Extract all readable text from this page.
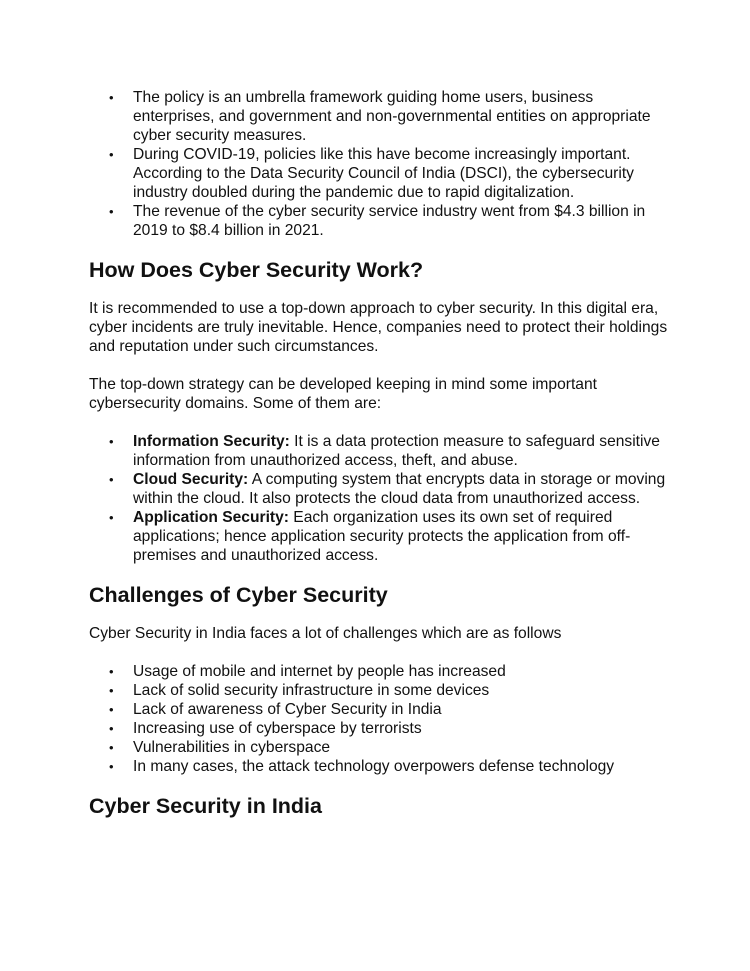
• The policy is an umbrella framework guiding home users, business enterprises, and government and non-governmental entities on appropriate cyber security measures.
• During COVID-19, policies like this have become increasingly important. According to the Data Security Council of India (DSCI), the cybersecurity industry doubled during the pandemic due to rapid digitalization.
• The revenue of the cyber security service industry went from $4.3 billion in 2019 to $8.4 billion in 2021.
How Does Cyber Security Work?

It is recommended to use a top-down approach to cyber security. In this digital era, cyber incidents are truly inevitable. Hence, companies need to protect their holdings and reputation under such circumstances.

The top-down strategy can be developed keeping in mind some important cybersecurity domains. Some of them are:

• Information Security: It is a data protection measure to safeguard sensitive information from unauthorized access, theft, and abuse.
• Cloud Security: A computing system that encrypts data in storage or moving within the cloud. It also protects the cloud data from unauthorized access.
• Application Security: Each organization uses its own set of required applications; hence application security protects the application from off-premises and unauthorized access.
Challenges of Cyber Security

Cyber Security in India faces a lot of challenges which are as follows

• Usage of mobile and internet by people has increased
• Lack of solid security infrastructure in some devices
• Lack of awareness of Cyber Security in India
• Increasing use of cyberspace by terrorists
• Vulnerabilities in cyberspace
• In many cases, the attack technology overpowers defense technology
Cyber Security in India
